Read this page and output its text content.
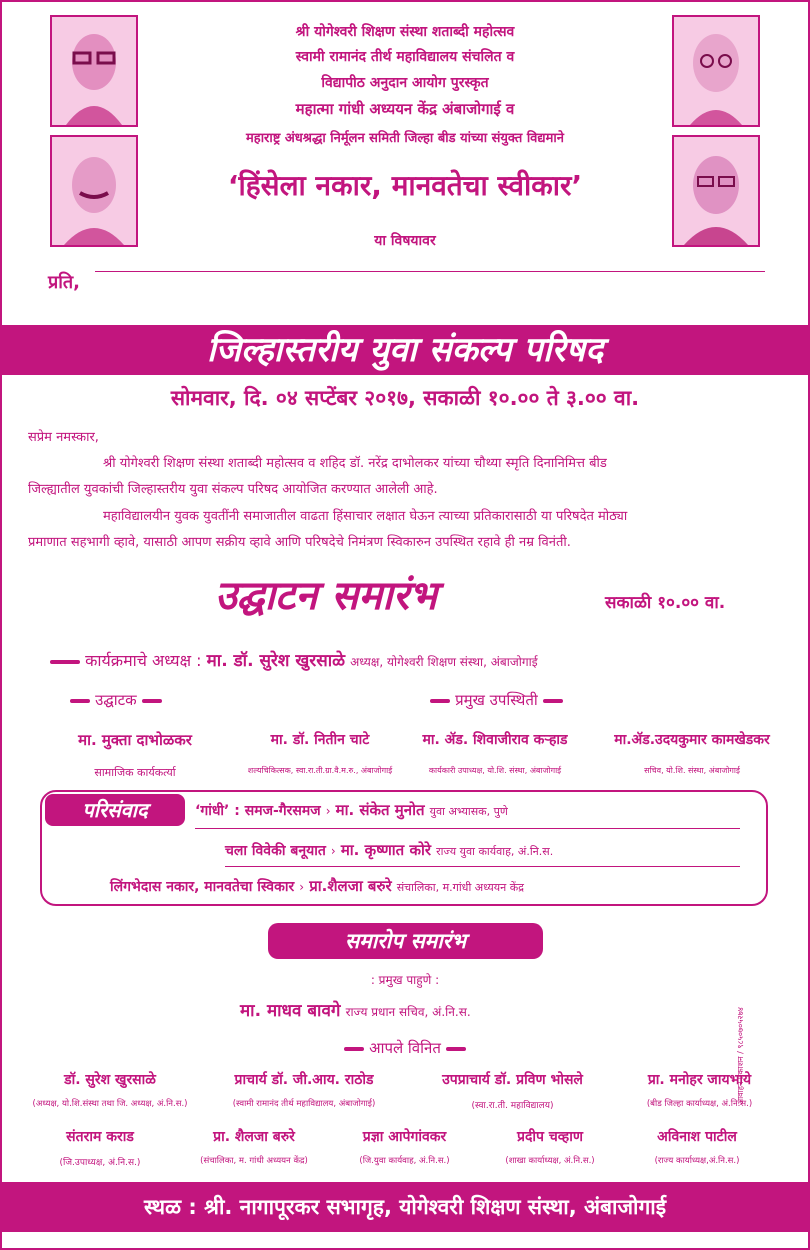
श्री योगेश्वरी शिक्षण संस्था शताब्दी महोत्सव
स्वामी रामानंद तीर्थ महाविद्यालय संचलित व
विद्यापीठ अनुदान आयोग पुरस्कृत
महात्मा गांधी अध्ययन केंद्र अंबाजोगाई व
महाराष्ट्र अंधश्रद्धा निर्मूलन समिती जिल्हा बीड यांच्या संयुक्त विद्यमाने
‘हिंसेला नकार, मानवतेचा स्वीकार’
या विषयावर
प्रति,
जिल्हास्तरीय युवा संकल्प परिषद
सोमवार, दि. ०४ सप्टेंबर २०१७, सकाळी १०.०० ते ३.०० वा.
सप्रेम नमस्कार,
श्री योगेश्वरी शिक्षण संस्था शताब्दी महोत्सव व शहिद डॉ. नरेंद्र दाभोलकर यांच्या चौथ्या स्मृति दिनानिमित्त बीड
जिल्ह्यातील युवकांची जिल्हास्तरीय युवा संकल्प परिषद आयोजित करण्यात आलेली आहे.
महाविद्यालयीन युवक युवतींनी समाजातील वाढता हिंसाचार लक्षात घेऊन त्याच्या प्रतिकारासाठी या परिषदेत मोठ्या
प्रमाणात सहभागी व्हावे, यासाठी आपण सक्रीय व्हावे आणि परिषदेचे निमंत्रण स्विकारुन उपस्थित रहावे ही नम्र विनंती.
उद्घाटन समारंभ	सकाळी १०.०० वा.
कार्यक्रमाचे अध्यक्ष : मा. डॉ. सुरेश खुरसाळे अध्यक्ष, योगेश्वरी शिक्षण संस्था, अंबाजोगाई
उद्घाटक	प्रमुख उपस्थिती
मा. मुक्ता दाभोळकर
सामाजिक कार्यकर्त्या
मा. डॉ. नितीन चाटे
शल्यचिकित्सक, स्वा.रा.ती.ग्रा.वै.म.रु., अंबाजोगाई
मा. ॲड. शिवाजीराव कऱ्हाड
कार्यकारी उपाध्यक्ष, यो.शि. संस्था, अंबाजोगाई
मा.ॲड.उदयकुमार कामखेडकर
सचिव, यो.शि. संस्था, अंबाजोगाई
परिसंवाद	‘गांधी’ : समज-गैरसमज › मा. संकेत मुनोत युवा अभ्यासक, पुणे
चला विवेकी बनूयात › मा. कृष्णात कोरे राज्य युवा कार्यवाह, अं.नि.स.
लिंगभेदास नकार, मानवतेचा स्विकार › प्रा.शैलजा बरुरे संचालिका, म.गांधी अध्ययन केंद्र
समारोप समारंभ
: प्रमुख पाहुणे :
मा. माधव बावगे राज्य प्रधान सचिव, अं.नि.स.
आपले विनित
डॉ. सुरेश खुरसाळे
(अध्यक्ष, यो.शि.संस्था तथा जि. अध्यक्ष, अं.नि.स.)
प्राचार्य डॉ. जी.आय. राठोड
(स्वामी रामानंद तीर्थ महाविद्यालय, अंबाजोगाई)
उपप्राचार्य डॉ. प्रविण भोसले
(स्वा.रा.ती. महाविद्यालय)
प्रा. मनोहर जायभाये
(बीड जिल्हा कार्याध्यक्ष, अं.नि.स.)
संतराम कराड
(जि.उपाध्यक्ष, अं.नि.स.)
प्रा. शैलजा बरुरे
(संचालिका, म. गांधी अध्ययन केंद्र)
प्रज्ञा आपेगांवकर
(जि.युवा कार्यवाह, अं.नि.स.)
प्रदीप चव्हाण
(शाखा कार्याध्यक्ष, अं.नि.स.)
अविनाश पाटील
(राज्य कार्याध्यक्ष,अं.नि.स.)
आवाहन प्रकाशन / ९८५०७०५२७४
स्थळ : श्री. नागापूरकर सभागृह, योगेश्वरी शिक्षण संस्था, अंबाजोगाई
